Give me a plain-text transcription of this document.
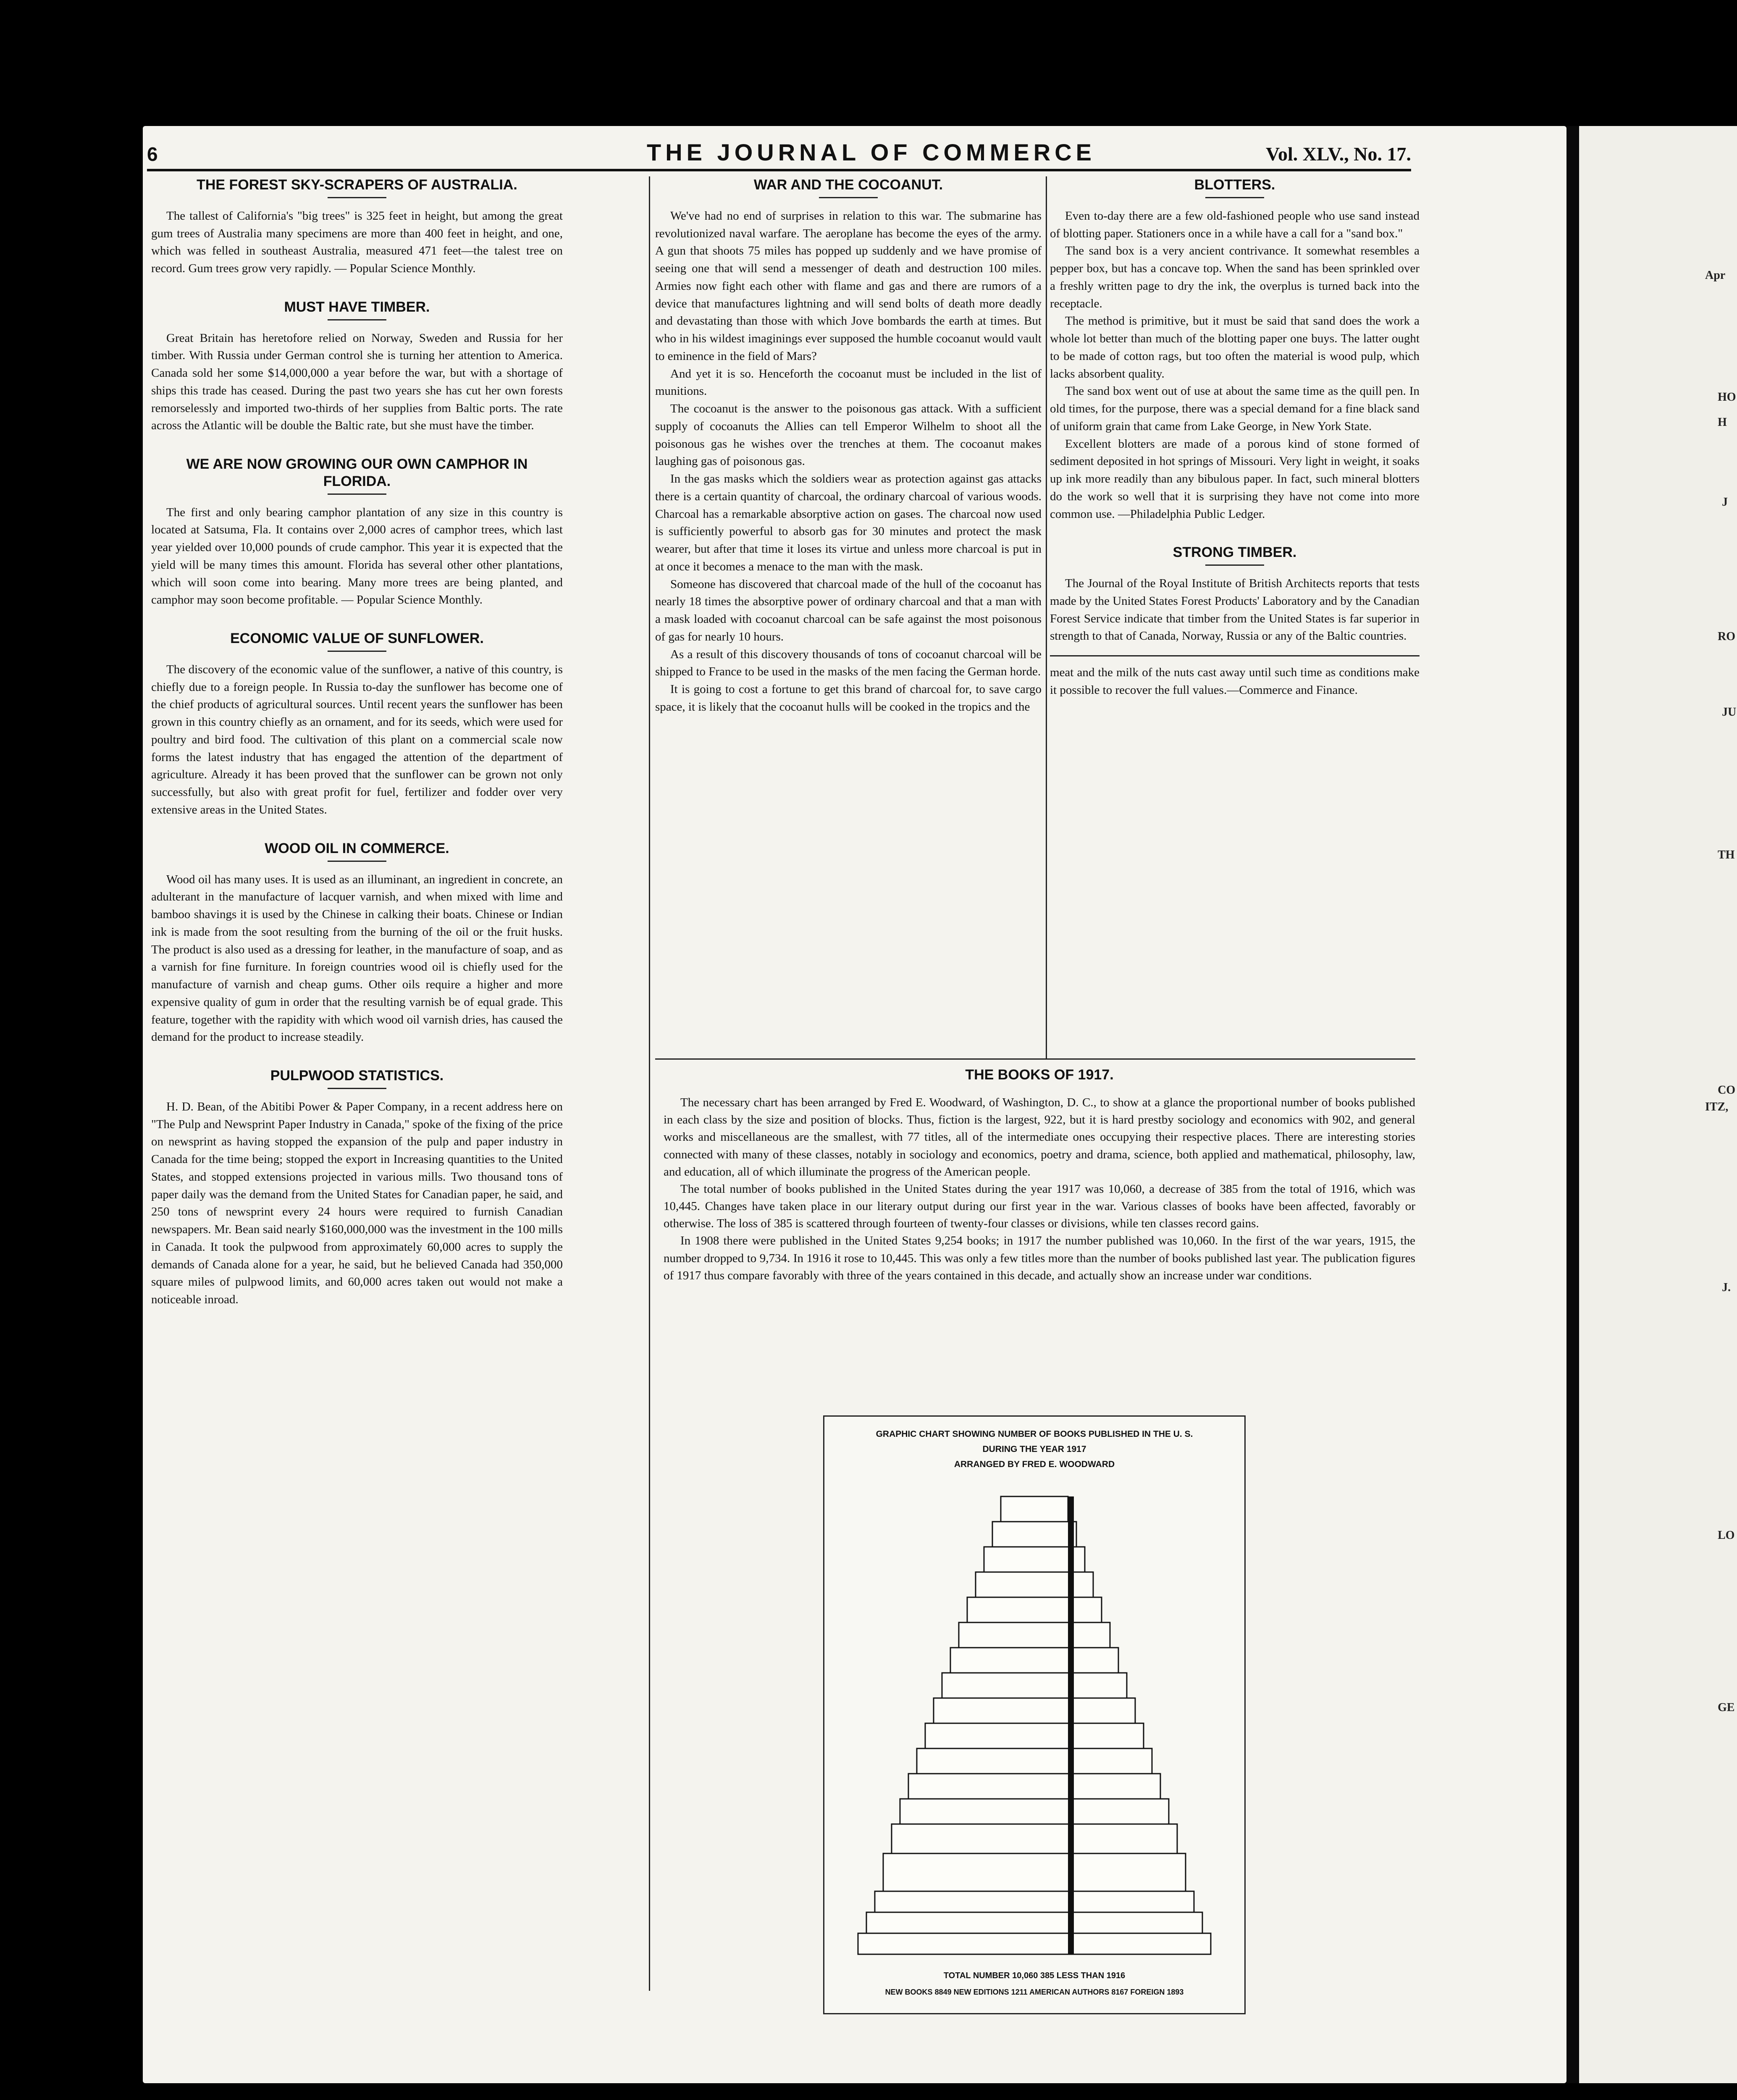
6	THE JOURNAL OF COMMERCE	Vol. XLV., No. 17.
THE FOREST SKY-SCRAPERS OF AUSTRALIA.

The tallest of California's "big trees" is 325 feet in height, but among the great gum trees of Australia many specimens are more than 400 feet in height, and one, which was felled in southeast Australia, measured 471 feet—the talest tree on record. Gum trees grow very rapidly. — Popular Science Monthly.

MUST HAVE TIMBER.

Great Britain has heretofore relied on Norway, Sweden and Russia for her timber. With Russia under German control she is turning her attention to America. Canada sold her some $14,000,000 a year before the war, but with a shortage of ships this trade has ceased. During the past two years she has cut her own forests remorselessly and imported two-thirds of her supplies from Baltic ports. The rate across the Atlantic will be double the Baltic rate, but she must have the timber.

WE ARE NOW GROWING OUR OWN CAMPHOR IN FLORIDA.

The first and only bearing camphor plantation of any size in this country is located at Satsuma, Fla. It contains over 2,000 acres of camphor trees, which last year yielded over 10,000 pounds of crude camphor. This year it is expected that the yield will be many times this amount. Florida has several other other plantations, which will soon come into bearing. Many more trees are being planted, and camphor may soon become profitable. — Popular Science Monthly.

ECONOMIC VALUE OF SUNFLOWER.

The discovery of the economic value of the sunflower, a native of this country, is chiefly due to a foreign people. In Russia to-day the sunflower has become one of the chief products of agricultural sources. Until recent years the sunflower has been grown in this country chiefly as an ornament, and for its seeds, which were used for poultry and bird food. The cultivation of this plant on a commercial scale now forms the latest industry that has engaged the attention of the department of agriculture. Already it has been proved that the sunflower can be grown not only successfully, but also with great profit for fuel, fertilizer and fodder over very extensive areas in the United States.

WOOD OIL IN COMMERCE.

Wood oil has many uses. It is used as an illuminant, an ingredient in concrete, an adulterant in the manufacture of lacquer varnish, and when mixed with lime and bamboo shavings it is used by the Chinese in calking their boats. Chinese or Indian ink is made from the soot resulting from the burning of the oil or the fruit husks. The product is also used as a dressing for leather, in the manufacture of soap, and as a varnish for fine furniture. In foreign countries wood oil is chiefly used for the manufacture of varnish and cheap gums. Other oils require a higher and more expensive quality of gum in order that the resulting varnish be of equal grade. This feature, together with the rapidity with which wood oil varnish dries, has caused the demand for the product to increase steadily.

PULPWOOD STATISTICS.

H. D. Bean, of the Abitibi Power & Paper Company, in a recent address here on "The Pulp and Newsprint Paper Industry in Canada," spoke of the fixing of the price on newsprint as having stopped the expansion of the pulp and paper industry in Canada for the time being; stopped the export in Increasing quantities to the United States, and stopped extensions projected in various mills. Two thousand tons of paper daily was the demand from the United States for Canadian paper, he said, and 250 tons of newsprint every 24 hours were required to furnish Canadian newspapers. Mr. Bean said nearly $160,000,000 was the investment in the 100 mills in Canada. It took the pulpwood from approximately 60,000 acres to supply the demands of Canada alone for a year, he said, but he believed Canada had 350,000 square miles of pulpwood limits, and 60,000 acres taken out would not make a noticeable inroad.

WAR AND THE COCOANUT.

We've had no end of surprises in relation to this war. The submarine has revolutionized naval warfare. The aeroplane has become the eyes of the army. A gun that shoots 75 miles has popped up suddenly and we have promise of seeing one that will send a messenger of death and destruction 100 miles. Armies now fight each other with flame and gas and there are rumors of a device that manufactures lightning and will send bolts of death more deadly and devastating than those with which Jove bombards the earth at times. But who in his wildest imaginings ever supposed the humble cocoanut would vault to eminence in the field of Mars?

And yet it is so. Henceforth the cocoanut must be included in the list of munitions.

The cocoanut is the answer to the poisonous gas attack. With a sufficient supply of cocoanuts the Allies can tell Emperor Wilhelm to shoot all the poisonous gas he wishes over the trenches at them. The cocoanut makes laughing gas of poisonous gas.

In the gas masks which the soldiers wear as protection against gas attacks there is a certain quantity of charcoal, the ordinary charcoal of various woods. Charcoal has a remarkable absorptive action on gases. The charcoal now used is sufficiently powerful to absorb gas for 30 minutes and protect the mask wearer, but after that time it loses its virtue and unless more charcoal is put in at once it becomes a menace to the man with the mask.

Someone has discovered that charcoal made of the hull of the cocoanut has nearly 18 times the absorptive power of ordinary charcoal and that a man with a mask loaded with cocoanut charcoal can be safe against the most poisonous of gas for nearly 10 hours.

As a result of this discovery thousands of tons of cocoanut charcoal will be shipped to France to be used in the masks of the men facing the German horde.

It is going to cost a fortune to get this brand of charcoal for, to save cargo space, it is likely that the cocoanut hulls will be cooked in the tropics and the

BLOTTERS.

Even to-day there are a few old-fashioned people who use sand instead of blotting paper. Stationers once in a while have a call for a "sand box."

The sand box is a very ancient contrivance. It somewhat resembles a pepper box, but has a concave top. When the sand has been sprinkled over a freshly written page to dry the ink, the overplus is turned back into the receptacle.

The method is primitive, but it must be said that sand does the work a whole lot better than much of the blotting paper one buys. The latter ought to be made of cotton rags, but too often the material is wood pulp, which lacks absorbent quality.

The sand box went out of use at about the same time as the quill pen. In old times, for the purpose, there was a special demand for a fine black sand of uniform grain that came from Lake George, in New York State.

Excellent blotters are made of a porous kind of stone formed of sediment deposited in hot springs of Missouri. Very light in weight, it soaks up ink more readily than any bibulous paper. In fact, such mineral blotters do the work so well that it is surprising they have not come into more common use. —Philadelphia Public Ledger.

STRONG TIMBER.

The Journal of the Royal Institute of British Architects reports that tests made by the United States Forest Products' Laboratory and by the Canadian Forest Service indicate that timber from the United States is far superior in strength to that of Canada, Norway, Russia or any of the Baltic countries.

meat and the milk of the nuts cast away until such time as conditions make it possible to recover the full values.—Commerce and Finance.

THE BOOKS OF 1917.

The necessary chart has been arranged by Fred E. Woodward, of Washington, D. C., to show at a glance the proportional number of books published in each class by the size and position of blocks. Thus, fiction is the largest, 922, but it is hard prestby sociology and economics with 902, and general works and miscellaneous are the smallest, with 77 titles, all of the intermediate ones occupying their respective places. There are interesting stories connected with many of these classes, notably in sociology and economics, poetry and drama, science, both applied and mathematical, philosophy, law, and education, all of which illuminate the progress of the American people.

The total number of books published in the United States during the year 1917 was 10,060, a decrease of 385 from the total of 1916, which was 10,445. Changes have taken place in our literary output during our first year in the war. Various classes of books have been affected, favorably or otherwise. The loss of 385 is scattered through fourteen of twenty-four classes or divisions, while ten classes record gains.

In 1908 there were published in the United States 9,254 books; in 1917 the number published was 10,060. In the first of the war years, 1915, the number dropped to 9,734. In 1916 it rose to 10,445. This was only a few titles more than the number of books published last year. The publication figures of 1917 thus compare favorably with three of the years contained in this decade, and actually show an increase under war conditions.

GRAPHIC CHART SHOWING NUMBER OF BOOKS PUBLISHED IN THE U. S.
DURING THE YEAR 1917
ARRANGED BY FRED E. WOODWARD
TOTAL NUMBER 10,060 385 LESS THAN 1916
NEW BOOKS 8849 NEW EDITIONS 1211 AMERICAN AUTHORS 8167 FOREIGN 1893
Apr
HO
H
J
RO
JU
TH
CO
ITZ,
J.
LO
GE
